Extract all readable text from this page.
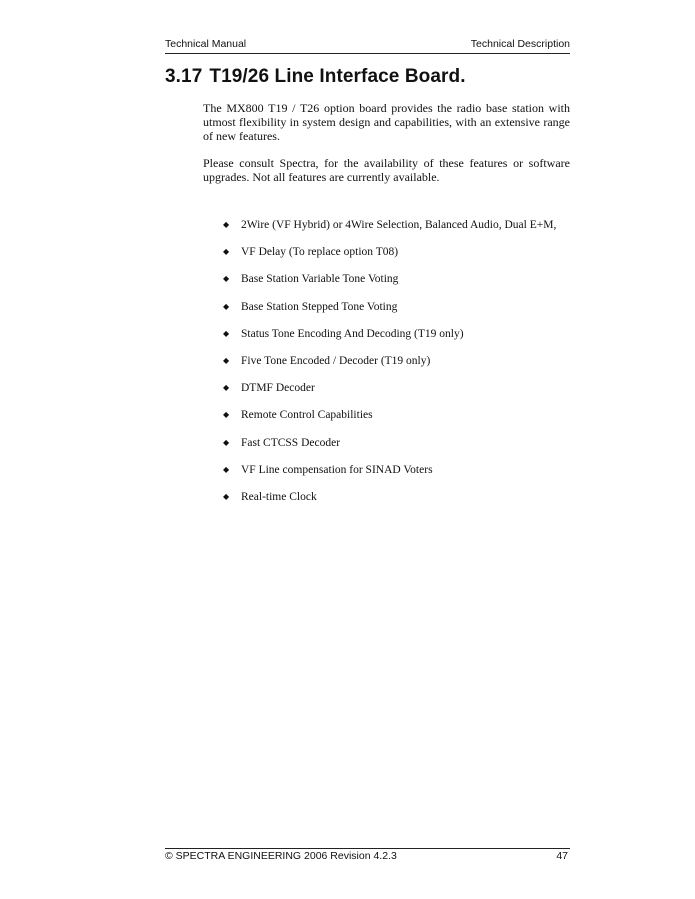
Technical Manual	Technical Description
3.17 T19/26 Line Interface Board.

The MX800 T19 / T26 option board provides the radio base station with utmost flexibility in system design and capabilities, with an extensive range of new features.

Please consult Spectra, for the availability of these features or software upgrades. Not all features are currently available.

◆ 2Wire (VF Hybrid) or 4Wire Selection, Balanced Audio, Dual E+M,
◆ VF Delay (To replace option T08)
◆ Base Station Variable Tone Voting
◆ Base Station Stepped Tone Voting
◆ Status Tone Encoding And Decoding (T19 only)
◆ Five Tone Encoded / Decoder (T19 only)
◆ DTMF Decoder
◆ Remote Control Capabilities
◆ Fast CTCSS Decoder
◆ VF Line compensation for SINAD Voters
◆ Real-time Clock
© SPECTRA ENGINEERING 2006 Revision 4.2.3	47
